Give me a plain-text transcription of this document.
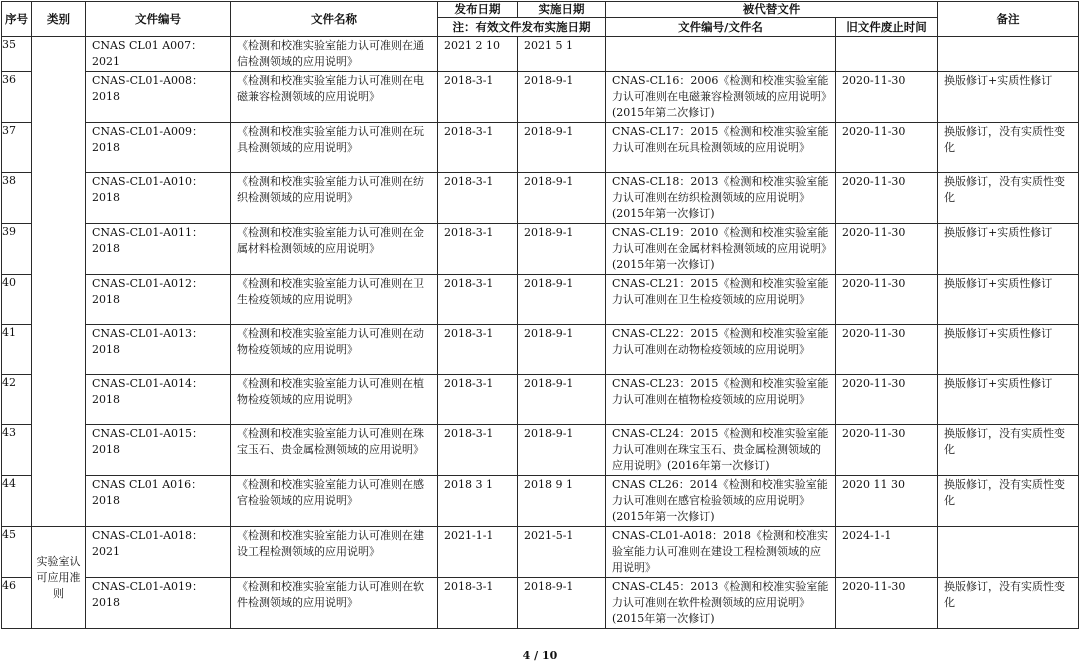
序号	类别	文件编号	文件名称	发布日期	实施日期	被代替文件		备注
				注：有效文件发布实施日期		文件编号/文件名	旧文件废止时间	
35		CNAS CL01 A007：2021	《检测和校准实验室能力认可准则在通信检测领域的应用说明》	2021 2 10	2021 5 1			

36		CNAS-CL01-A008：2018	《检测和校准实验室能力认可准则在电磁兼容检测领域的应用说明》	2018-3-1	2018-9-1	CNAS-CL16：2006《检测和校准实验室能力认可准则在电磁兼容检测领域的应用说明》(2015年第二次修订)	2020-11-30	换版修订+实质性修订

37		CNAS-CL01-A009：2018	《检测和校准实验室能力认可准则在玩具检测领域的应用说明》	2018-3-1	2018-9-1	CNAS-CL17：2015《检测和校准实验室能力认可准则在玩具检测领域的应用说明》	2020-11-30	换版修订，没有实质性变化

38		CNAS-CL01-A010：2018	《检测和校准实验室能力认可准则在纺织检测领域的应用说明》	2018-3-1	2018-9-1	CNAS-CL18：2013《检测和校准实验室能力认可准则在纺织检测领域的应用说明》(2015年第一次修订)	2020-11-30	换版修订，没有实质性变化

39		CNAS-CL01-A011：2018	《检测和校准实验室能力认可准则在金属材料检测领域的应用说明》	2018-3-1	2018-9-1	CNAS-CL19：2010《检测和校准实验室能力认可准则在金属材料检测领域的应用说明》(2015年第一次修订)	2020-11-30	换版修订+实质性修订

40		CNAS-CL01-A012：2018	《检测和校准实验室能力认可准则在卫生检疫领域的应用说明》	2018-3-1	2018-9-1	CNAS-CL21：2015《检测和校准实验室能力认可准则在卫生检疫领域的应用说明》	2020-11-30	换版修订+实质性修订

41		CNAS-CL01-A013：2018	《检测和校准实验室能力认可准则在动物检疫领域的应用说明》	2018-3-1	2018-9-1	CNAS-CL22：2015《检测和校准实验室能力认可准则在动物检疫领域的应用说明》	2020-11-30	换版修订+实质性修订

42		CNAS-CL01-A014：2018	《检测和校准实验室能力认可准则在植物检疫领域的应用说明》	2018-3-1	2018-9-1	CNAS-CL23：2015《检测和校准实验室能力认可准则在植物检疫领域的应用说明》	2020-11-30	换版修订+实质性修订

43		CNAS-CL01-A015：2018	《检测和校准实验室能力认可准则在珠宝玉石、贵金属检测领域的应用说明》	2018-3-1	2018-9-1	CNAS-CL24：2015《检测和校准实验室能力认可准则在珠宝玉石、贵金属检测领域的应用说明》(2016年第一次修订)	2020-11-30	换版修订，没有实质性变化

44		CNAS CL01 A016：2018	《检测和校准实验室能力认可准则在感官检验领域的应用说明》	2018 3 1	2018 9 1	CNAS CL26：2014《检测和校准实验室能力认可准则在感官检验领域的应用说明》(2015年第一次修订)	2020 11 30	换版修订，没有实质性变化

45	实验室认可应用准则	CNAS-CL01-A018：2021	《检测和校准实验室能力认可准则在建设工程检测领域的应用说明》	2021-1-1	2021-5-1	CNAS-CL01-A018：2018《检测和校准实验室能力认可准则在建设工程检测领域的应用说明》	2024-1-1	

46		CNAS-CL01-A019：2018	《检测和校准实验室能力认可准则在软件检测领域的应用说明》	2018-3-1	2018-9-1	CNAS-CL45：2013《检测和校准实验室能力认可准则在软件检测领域的应用说明》(2015年第一次修订)	2020-11-30	换版修订，没有实质性变化
4 / 10
